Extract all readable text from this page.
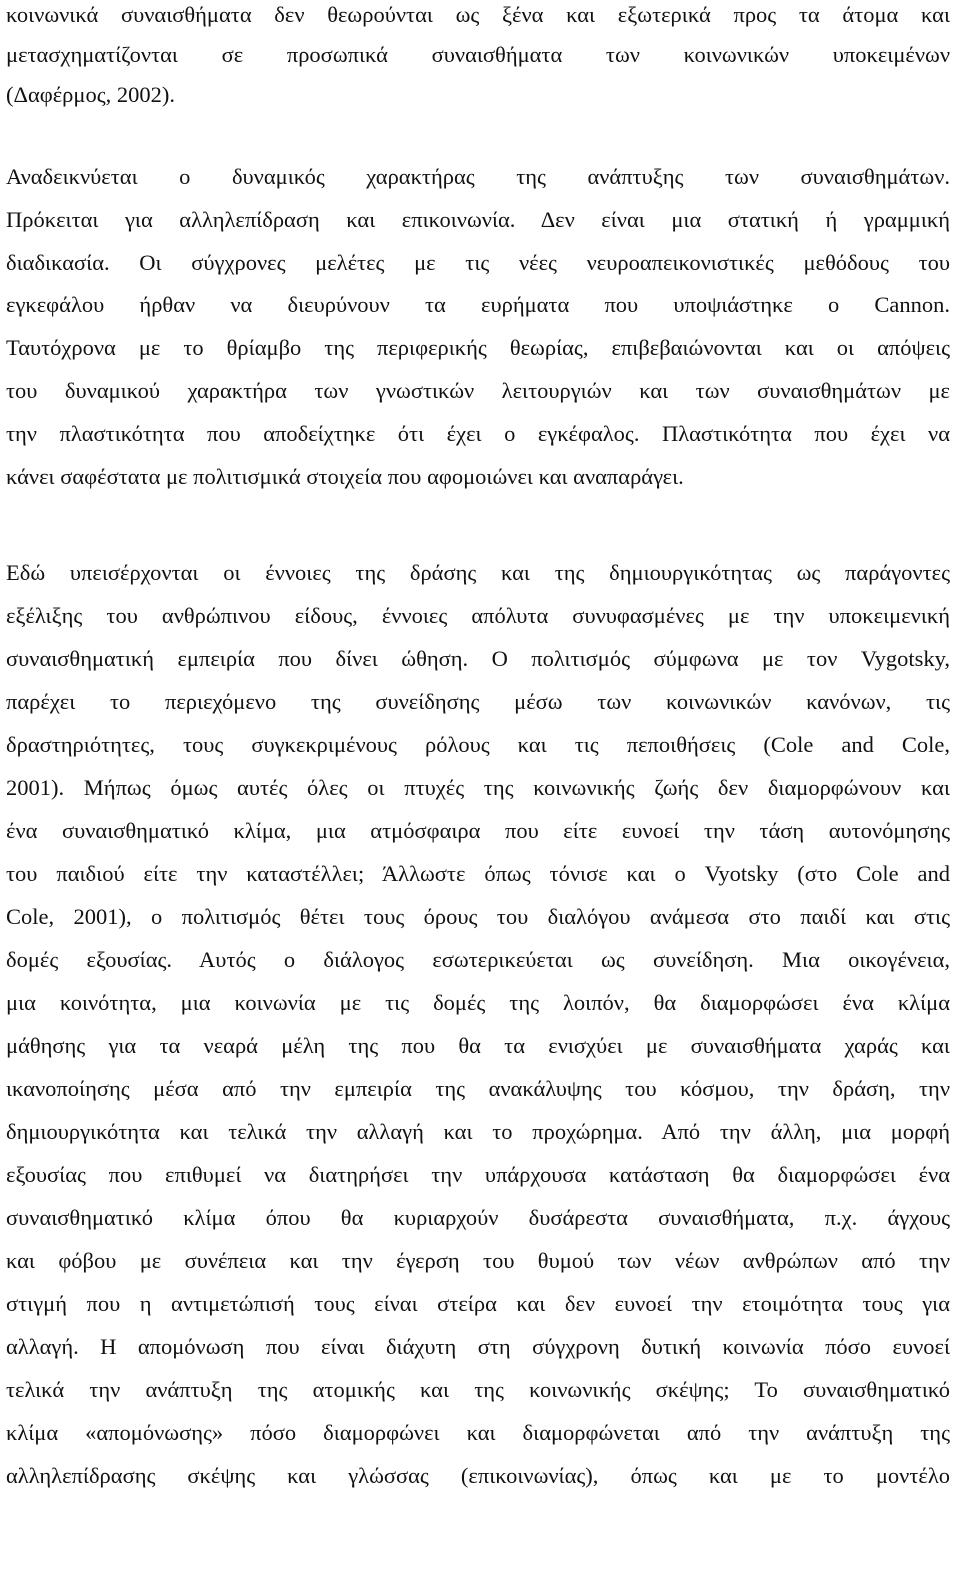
κοινωνικά συναισθήματα δεν θεωρούνται ως ξένα και εξωτερικά προς τα άτομα και
μετασχηματίζονται σε προσωπικά συναισθήματα των κοινωνικών υποκειμένων
(Δαφέρμος, 2002).
Αναδεικνύεται ο δυναμικός χαρακτήρας της ανάπτυξης των συναισθημάτων.
Πρόκειται για αλληλεπίδραση και επικοινωνία. Δεν είναι μια στατική ή γραμμική
διαδικασία. Οι σύγχρονες μελέτες με τις νέες νευροαπεικονιστικές μεθόδους του
εγκεφάλου ήρθαν να διευρύνουν τα ευρήματα που υποψιάστηκε ο Cannon.
Ταυτόχρονα με το θρίαμβο της περιφερικής θεωρίας, επιβεβαιώνονται και οι απόψεις
του δυναμικού χαρακτήρα των γνωστικών λειτουργιών και των συναισθημάτων με
την πλαστικότητα που αποδείχτηκε ότι έχει ο εγκέφαλος. Πλαστικότητα που έχει να
κάνει σαφέστατα με πολιτισμικά στοιχεία που αφομοιώνει και αναπαράγει.
Εδώ υπεισέρχονται οι έννοιες της δράσης και της δημιουργικότητας ως παράγοντες
εξέλιξης του ανθρώπινου είδους, έννοιες απόλυτα συνυφασμένες με την υποκειμενική
συναισθηματική εμπειρία που δίνει ώθηση. Ο πολιτισμός σύμφωνα με τον Vygotsky,
παρέχει το περιεχόμενο της συνείδησης μέσω των κοινωνικών κανόνων, τις
δραστηριότητες, τους συγκεκριμένους ρόλους και τις πεποιθήσεις (Cole and Cole,
2001). Μήπως όμως αυτές όλες οι πτυχές της κοινωνικής ζωής δεν διαμορφώνουν και
ένα συναισθηματικό κλίμα, μια ατμόσφαιρα που είτε ευνοεί την τάση αυτονόμησης
του παιδιού είτε την καταστέλλει; Άλλωστε όπως τόνισε και ο Vyotsky (στο Cole and
Cole, 2001), ο πολιτισμός θέτει τους όρους του διαλόγου ανάμεσα στο παιδί και στις
δομές εξουσίας. Αυτός ο διάλογος εσωτερικεύεται ως συνείδηση. Μια οικογένεια,
μια κοινότητα, μια κοινωνία με τις δομές της λοιπόν, θα διαμορφώσει ένα κλίμα
μάθησης για τα νεαρά μέλη της που θα τα ενισχύει με συναισθήματα χαράς και
ικανοποίησης μέσα από την εμπειρία της ανακάλυψης του κόσμου, την δράση, την
δημιουργικότητα και τελικά την αλλαγή και το προχώρημα. Από την άλλη, μια μορφή
εξουσίας που επιθυμεί να διατηρήσει την υπάρχουσα κατάσταση θα διαμορφώσει ένα
συναισθηματικό κλίμα όπου θα κυριαρχούν δυσάρεστα συναισθήματα, π.χ. άγχους
και φόβου με συνέπεια και την έγερση του θυμού των νέων ανθρώπων από την
στιγμή που η αντιμετώπισή τους είναι στείρα και δεν ευνοεί την ετοιμότητα τους για
αλλαγή. Η απομόνωση που είναι διάχυτη στη σύγχρονη δυτική κοινωνία πόσο ευνοεί
τελικά την ανάπτυξη της ατομικής και της κοινωνικής σκέψης; Το συναισθηματικό
κλίμα «απομόνωσης» πόσο διαμορφώνει και διαμορφώνεται από την ανάπτυξη της
αλληλεπίδρασης σκέψης και γλώσσας (επικοινωνίας), όπως και με το μοντέλο
